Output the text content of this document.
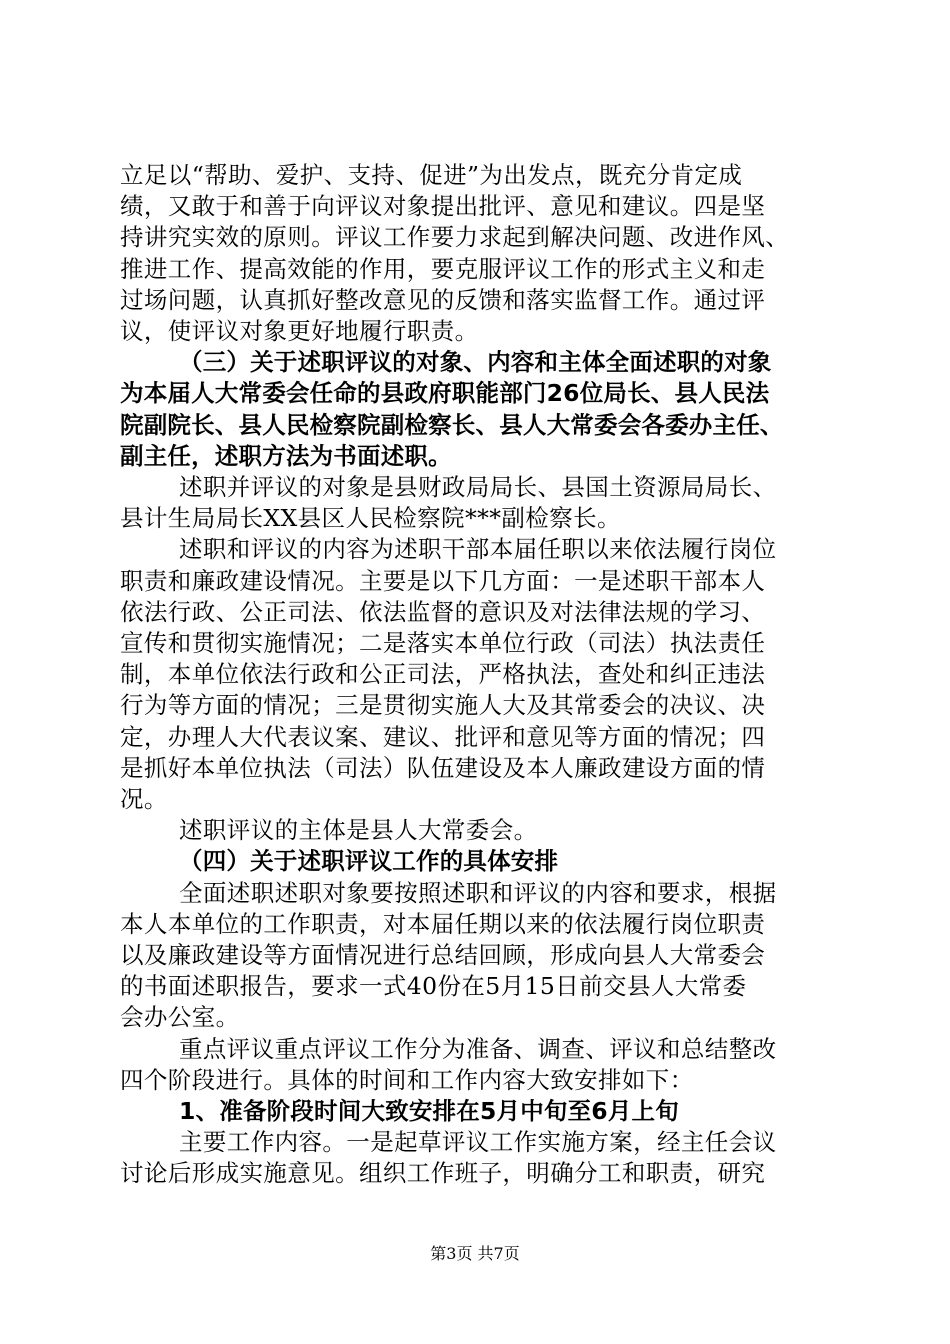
立足以“帮助、爱护、支持、促进”为出发点，既充分肯定成
绩，又敢于和善于向评议对象提出批评、意见和建议。四是坚
持讲究实效的原则。评议工作要力求起到解决问题、改进作风、
推进工作、提高效能的作用，要克服评议工作的形式主义和走
过场问题，认真抓好整改意见的反馈和落实监督工作。通过评
议，使评议对象更好地履行职责。
（三）关于述职评议的对象、内容和主体全面述职的对象
为本届人大常委会任命的县政府职能部门26位局长、县人民法
院副院长、县人民检察院副检察长、县人大常委会各委办主任、
副主任，述职方法为书面述职。
述职并评议的对象是县财政局局长、县国土资源局局长、
县计生局局长XX县区人民检察院***副检察长。
述职和评议的内容为述职干部本届任职以来依法履行岗位
职责和廉政建设情况。主要是以下几方面：一是述职干部本人
依法行政、公正司法、依法监督的意识及对法律法规的学习、
宣传和贯彻实施情况；二是落实本单位行政（司法）执法责任
制，本单位依法行政和公正司法，严格执法，查处和纠正违法
行为等方面的情况；三是贯彻实施人大及其常委会的决议、决
定，办理人大代表议案、建议、批评和意见等方面的情况；四
是抓好本单位执法（司法）队伍建设及本人廉政建设方面的情
况。
述职评议的主体是县人大常委会。
（四）关于述职评议工作的具体安排
全面述职述职对象要按照述职和评议的内容和要求，根据
本人本单位的工作职责，对本届任期以来的依法履行岗位职责
以及廉政建设等方面情况进行总结回顾，形成向县人大常委会
的书面述职报告，要求一式40份在5月15日前交县人大常委
会办公室。
重点评议重点评议工作分为准备、调查、评议和总结整改
四个阶段进行。具体的时间和工作内容大致安排如下：
1、准备阶段时间大致安排在5月中旬至6月上旬
主要工作内容。一是起草评议工作实施方案，经主任会议
讨论后形成实施意见。组织工作班子，明确分工和职责，研究
第3页 共7页
